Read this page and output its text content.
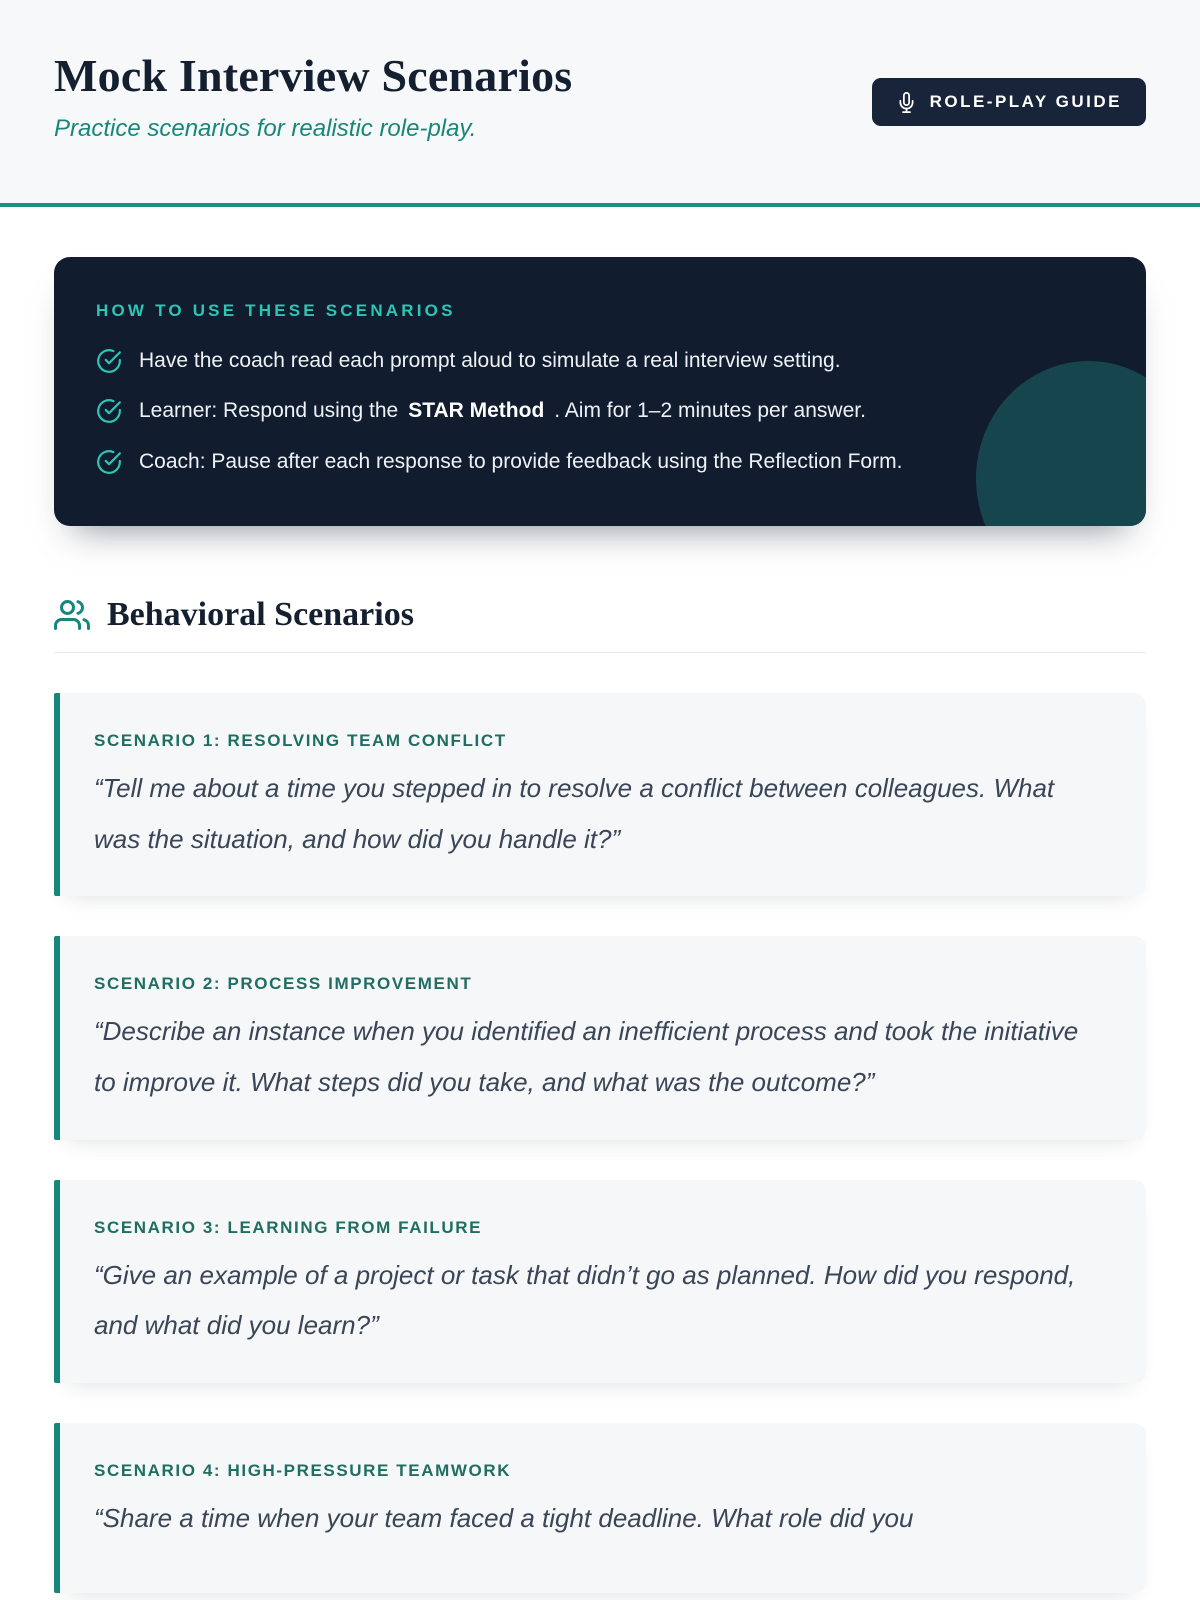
Mock Interview Scenarios

Practice scenarios for realistic role-play.

ROLE-PLAY GUIDE
HOW TO USE THESE SCENARIOS
Have the coach read each prompt aloud to simulate a real interview setting.
Learner: Respond using the STAR Method . Aim for 1–2 minutes per answer.
Coach: Pause after each response to provide feedback using the Reflection Form.
Behavioral Scenarios
SCENARIO 1: RESOLVING TEAM CONFLICT

“Tell me about a time you stepped in to resolve a conflict between colleagues. What was the situation, and how did you handle it?”

SCENARIO 2: PROCESS IMPROVEMENT

“Describe an instance when you identified an inefficient process and took the initiative to improve it. What steps did you take, and what was the outcome?”

SCENARIO 3: LEARNING FROM FAILURE

“Give an example of a project or task that didn’t go as planned. How did you respond, and what did you learn?”

SCENARIO 4: HIGH-PRESSURE TEAMWORK

“Share a time when your team faced a tight deadline. What role did you
